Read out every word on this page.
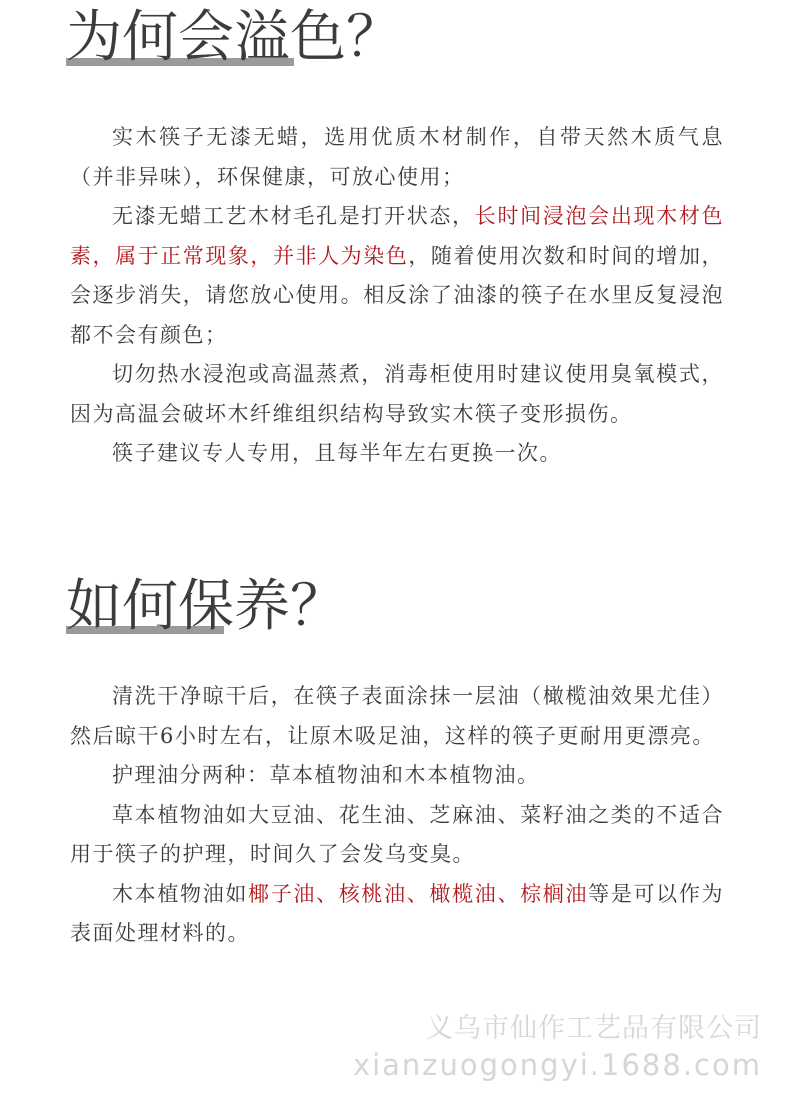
为何会溢色？

实木筷子无漆无蜡，选用优质木材制作，自带天然木质气息（并非异味），环保健康，可放心使用；

无漆无蜡工艺木材毛孔是打开状态，长时间浸泡会出现木材色素，属于正常现象，并非人为染色，随着使用次数和时间的增加，会逐步消失，请您放心使用。相反涂了油漆的筷子在水里反复浸泡都不会有颜色；

切勿热水浸泡或高温蒸煮，消毒柜使用时建议使用臭氧模式，因为高温会破坏木纤维组织结构导致实木筷子变形损伤。

筷子建议专人专用，且每半年左右更换一次。

如何保养？

清洗干净晾干后，在筷子表面涂抹一层油（橄榄油效果尤佳）然后晾干6小时左右，让原木吸足油，这样的筷子更耐用更漂亮。

护理油分两种：草本植物油和木本植物油。

草本植物油如大豆油、花生油、芝麻油、菜籽油之类的不适合用于筷子的护理，时间久了会发乌变臭。

木本植物油如椰子油、核桃油、橄榄油、棕榈油等是可以作为表面处理材料的。

义乌市仙作工艺品有限公司
xianzuogongyi.1688.com
